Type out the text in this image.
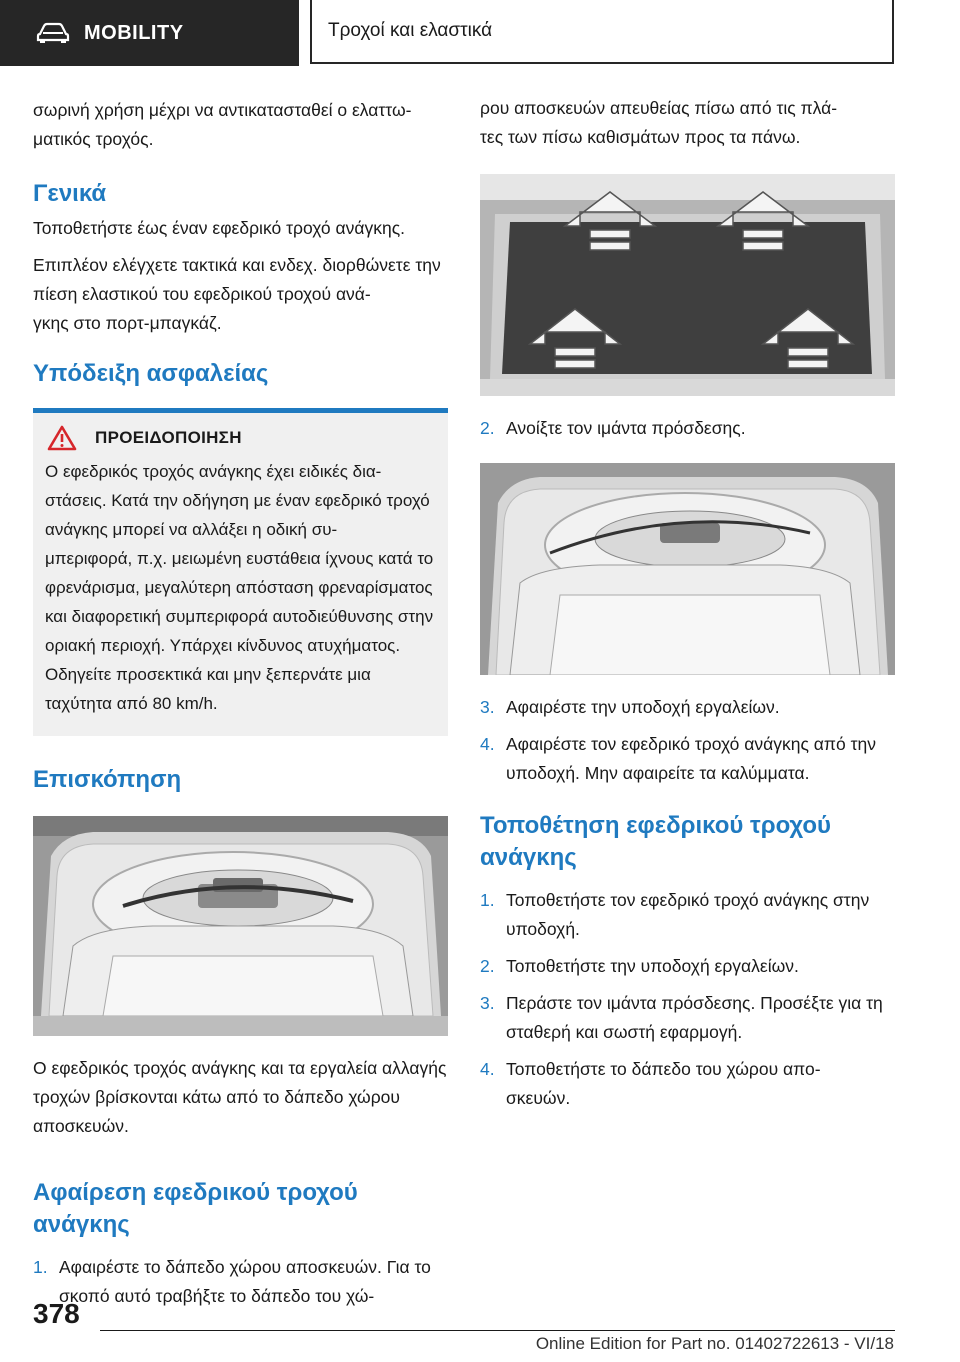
MOBILITY	Τροχοί και ελαστικά

σωρινή χρήση μέχρι να αντικατασταθεί ο ελαττω-
ματικός τροχός.

Γενικά

Τοποθετήστε έως έναν εφεδρικό τροχό ανάγκης.

Επιπλέον ελέγχετε τακτικά και ενδεχ. διορθώνετε την πίεση ελαστικού του εφεδρικού τροχού ανά-
γκης στο πορτ-μπαγκάζ.

Υπόδειξη ασφαλείας
ΠΡΟΕΙΔΟΠΟΙΗΣΗ
Ο εφεδρικός τροχός ανάγκης έχει ειδικές δια-
στάσεις. Κατά την οδήγηση με έναν εφεδρικό τροχό ανάγκης μπορεί να αλλάξει η οδική συ-
μπεριφορά, π.χ. μειωμένη ευστάθεια ίχνους κατά το φρενάρισμα, μεγαλύτερη απόσταση φρεναρίσματος και διαφορετική συμπεριφορά αυτοδιεύθυνσης στην οριακή περιοχή. Υπάρχει κίνδυνος ατυχήματος. Οδηγείτε προσεκτικά και μην ξεπερνάτε μια ταχύτητα από 80 km/h.
Επισκόπηση

Ο εφεδρικός τροχός ανάγκης και τα εργαλεία αλλαγής τροχών βρίσκονται κάτω από το δάπεδο χώρου αποσκευών.

Αφαίρεση εφεδρικού τροχού ανάγκης
1. Αφαιρέστε το δάπεδο χώρου αποσκευών. Για το σκοπό αυτό τραβήξτε το δάπεδο του χώ-

ρου αποσκευών απευθείας πίσω από τις πλά-
τες των πίσω καθισμάτων προς τα πάνω.

2. Ανοίξτε τον ιμάντα πρόσδεσης.
3. Αφαιρέστε την υποδοχή εργαλείων.
4. Αφαιρέστε τον εφεδρικό τροχό ανάγκης από την υποδοχή. Μην αφαιρείτε τα καλύμματα.
Τοποθέτηση εφεδρικού τροχού ανάγκης
1. Τοποθετήστε τον εφεδρικό τροχό ανάγκης στην υποδοχή.
2. Τοποθετήστε την υποδοχή εργαλείων.
3. Περάστε τον ιμάντα πρόσδεσης. Προσέξτε για τη σταθερή και σωστή εφαρμογή.
4. Τοποθετήστε το δάπεδο του χώρου απο-
σκευών.
378
Online Edition for Part no. 01402722613 - VI/18
